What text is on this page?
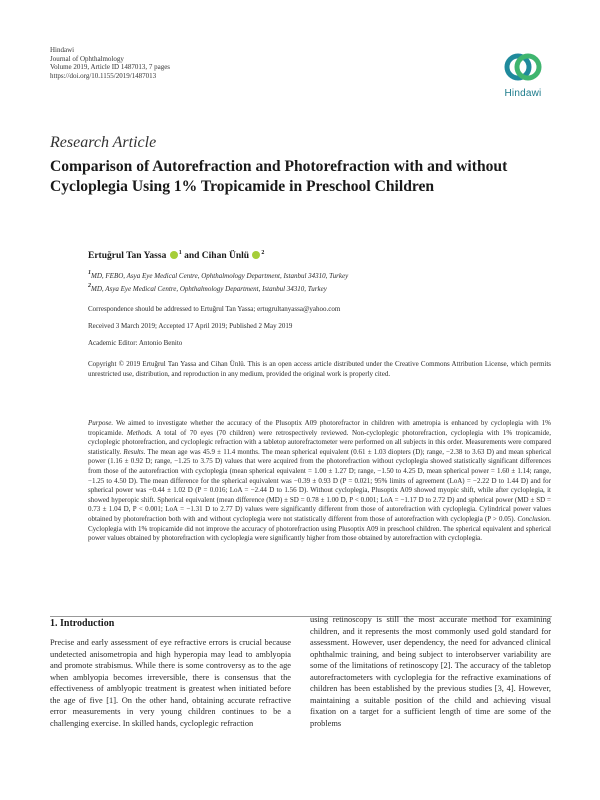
Hindawi
Journal of Ophthalmology
Volume 2019, Article ID 1487013, 7 pages
https://doi.org/10.1155/2019/1487013
Hindawi
Research Article
Comparison of Autorefraction and Photorefraction with and without Cycloplegia Using 1% Tropicamide in Preschool Children
Ertuğrul Tan Yassa $^1$ and Cihan Ünlü $^2$
1MD, FEBO, Asya Eye Medical Centre, Ophthalmology Department, Istanbul 34310, Turkey
2MD, Asya Eye Medical Centre, Ophthalmology Department, Istanbul 34310, Turkey
Correspondence should be addressed to Ertuğrul Tan Yassa; ertugrultanyassa@yahoo.com
Received 3 March 2019; Accepted 17 April 2019; Published 2 May 2019
Academic Editor: Antonio Benito
Copyright © 2019 Ertuğrul Tan Yassa and Cihan Ünlü. This is an open access article distributed under the Creative Commons Attribution License, which permits unrestricted use, distribution, and reproduction in any medium, provided the original work is properly cited.
Purpose. We aimed to investigate whether the accuracy of the Plusoptix A09 photorefractor in children with ametropia is enhanced by cycloplegia with 1% tropicamide. Methods. A total of 70 eyes (70 children) were retrospectively reviewed. Non-cycloplegic photorefraction, cycloplegia with 1% tropicamide, cycloplegic photorefraction, and cycloplegic refraction with a tabletop autorefractometer were performed on all subjects in this order. Measurements were compared statistically. Results. The mean age was 45.9 ± 11.4 months. The mean spherical equivalent (0.61 ± 1.03 diopters (D); range, −2.38 to 3.63 D) and mean spherical power (1.16 ± 0.92 D; range, −1.25 to 3.75 D) values that were acquired from the photorefraction without cycloplegia showed statistically significant differences from those of the autorefraction with cycloplegia (mean spherical equivalent = 1.00 ± 1.27 D; range, −1.50 to 4.25 D, mean spherical power = 1.60 ± 1.14; range, −1.25 to 4.50 D). The mean difference for the spherical equivalent was −0.39 ± 0.93 D (P = 0.021; 95% limits of agreement (LoA) = −2.22 D to 1.44 D) and for spherical power was −0.44 ± 1.02 D (P = 0.016; LoA = −2.44 D to 1.56 D). Without cycloplegia, Plusoptix A09 showed myopic shift, while after cycloplegia, it showed hyperopic shift. Spherical equivalent (mean difference (MD) ± SD = 0.78 ± 1.00 D, P < 0.001; LoA = −1.17 D to 2.72 D) and spherical power (MD ± SD = 0.73 ± 1.04 D, P < 0.001; LoA = −1.31 D to 2.77 D) values were significantly different from those of autorefraction with cycloplegia. Cylindrical power values obtained by photorefraction both with and without cycloplegia were not statistically different from those of autorefraction with cycloplegia (P > 0.05). Conclusion. Cycloplegia with 1% tropicamide did not improve the accuracy of photorefraction using Plusoptix A09 in preschool children. The spherical equivalent and spherical power values obtained by photorefraction with cycloplegia were significantly higher from those obtained by autorefraction with cycloplegia.
1. Introduction
Precise and early assessment of eye refractive errors is crucial because undetected anisometropia and high hyperopia may lead to amblyopia and promote strabismus. While there is some controversy as to the age when amblyopia becomes irreversible, there is consensus that the effectiveness of amblyopic treatment is greatest when initiated before the age of five [1]. On the other hand, obtaining accurate refractive error measurements in very young children continues to be a challenging exercise. In skilled hands, cycloplegic refraction
using retinoscopy is still the most accurate method for examining children, and it represents the most commonly used gold standard for assessment. However, user dependency, the need for advanced clinical ophthalmic training, and being subject to interobserver variability are some of the limitations of retinoscopy [2]. The accuracy of the tabletop autorefractometers with cycloplegia for the refractive examinations of children has been established by the previous studies [3, 4]. However, maintaining a suitable position of the child and achieving visual fixation on a target for a sufficient length of time are some of the problems
